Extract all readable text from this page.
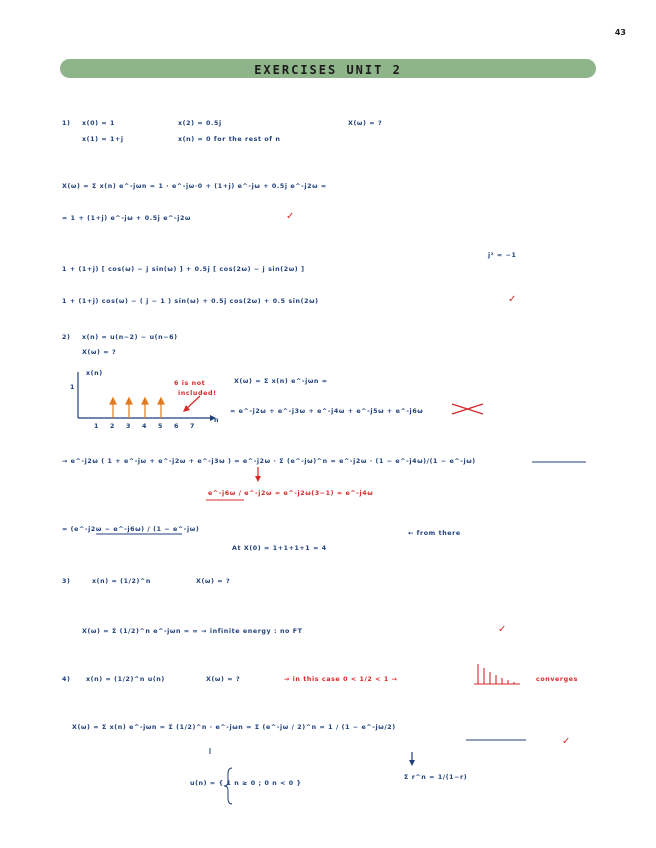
43
EXERCISES UNIT 2
1) x(0) = 1
x(1) = 1+j
x(2) = 0.5j
x(n) = 0 for the rest of n
X(ω) = ?
X(ω) = Σ x(n) e^-jωn = 1 · e^-jω·0 + (1+j) e^-jω + 0.5j e^-j2ω =
= 1 + (1+j) e^-jω + 0.5j e^-j2ω	✓
1 + (1+j) [ cos(ω) − j sin(ω) ] + 0.5j [ cos(2ω) − j sin(2ω) ]
j² = −1
1 + (1+j) cos(ω) − ( j − 1 ) sin(ω) + 0.5j cos(2ω) + 0.5 sin(2ω)	✓
2) x(n) = u(n−2) − u(n−6)
X(ω) = ?
x(n)
1
1 2 3 4 5 6 7
n
6 is not
included!
X(ω) = Σ x(n) e^-jωn =
= e^-j2ω + e^-j3ω + e^-j4ω + e^-j5ω + e^-j6ω
→ e^-j2ω ( 1 + e^-jω + e^-j2ω + e^-j3ω ) = e^-j2ω · Σ (e^-jω)^n = e^-j2ω · (1 − e^-j4ω)/(1 − e^-jω)
e^-j6ω / e^-j2ω = e^-j2ω(3−1) = e^-j4ω
= (e^-j2ω − e^-j6ω) / (1 − e^-jω)
At X(0) = 1+1+1+1 = 4
← from there
3)	x(n) = (1/2)^n	X(ω) = ?
X(ω) = Σ (1/2)^n e^-jωn = ∞ → infinite energy : no FT	✓
4) x(n) = (1/2)^n u(n)	X(ω) = ?	→ in this case 0 < 1/2 < 1 →	converges
X(ω) = Σ x(n) e^-jωn = Σ (1/2)^n · e^-jωn = Σ (e^-jω / 2)^n = 1 / (1 − e^-jω/2)
✓
u(n) = { 1 n ≥ 0 ; 0 n < 0 }
Σ r^n = 1/(1−r)
